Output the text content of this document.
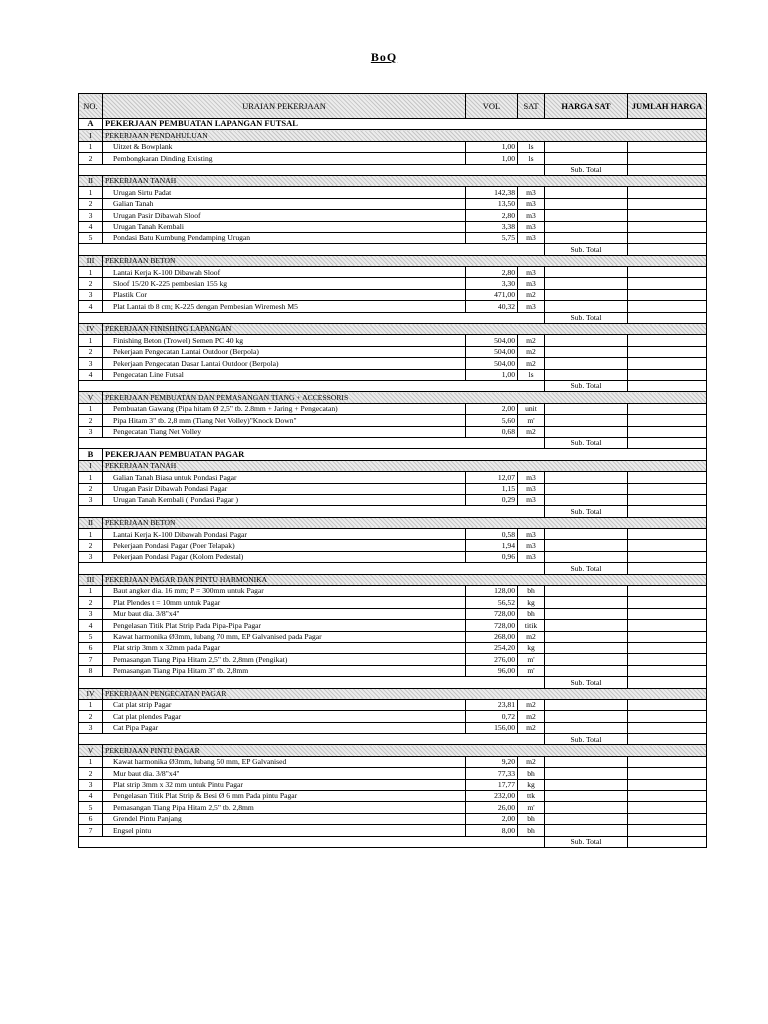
BoQ
NO.	URAIAN PEKERJAAN	VOL	SAT	HARGA SAT	JUMLAH HARGA
A	PEKERJAAN PEMBUATAN LAPANGAN FUTSAL				
I	PEKERJAAN PENDAHULUAN				
1	Uitzet & Bowplank	1,00	ls		
2	Pembongkaran Dinding Existing	1,00	ls		
				Sub. Total	
II	PEKERJAAN TANAH				
1	Urugan Sirtu Padat	142,38	m3		
2	Galian Tanah	13,50	m3		
3	Urugan Pasir Dibawah Sloof	2,80	m3		
4	Urugan Tanah Kembali	3,38	m3		
5	Pondasi Batu Kumbung Pendamping Urugan	5,75	m3		
				Sub. Total	
III	PEKERJAAN BETON				
1	Lantai Kerja K-100 Dibawah Sloof	2,80	m3		
2	Sloof 15/20 K-225 pembesian 155 kg	3,30	m3		
3	Plastik Cor	471,00	m2		
4	Plat Lantai tb 8 cm; K-225 dengan Pembesian Wiremesh M5	40,32	m3		
				Sub. Total	
IV	PEKERJAAN FINISHING LAPANGAN				
1	Finishing Beton (Trowel) Semen PC 40 kg	504,00	m2		
2	Pekerjaan Pengecatan Lantai Outdoor (Berpola)	504,00	m2		
3	Pekerjaan Pengecatan Dasar Lantai Outdoor (Berpola)	504,00	m2		
4	Pengecatan Line Futsal	1,00	ls		
				Sub. Total	
V	PEKERJAAN PEMBUATAN DAN PEMASANGAN TIANG + ACCESSORIS				
1	Pembuatan Gawang (Pipa hitam Ø 2,5" tb. 2.8mm + Jaring + Pengecatan)	2,00	unit		
2	Pipa Hitam 3" tb. 2,8 mm (Tiang Net Volley)"Knock Down"	5,60	m'		
3	Pengecatan Tiang Net Volley	0,68	m2		
				Sub. Total	
B	PEKERJAAN PEMBUATAN PAGAR				
I	PEKERJAAN TANAH				
1	Galian Tanah Biasa untuk Pondasi Pagar	12,07	m3		
2	Urugan Pasir Dibawah Pondasi Pagar	1,15	m3		
3	Urugan Tanah Kembali ( Pondasi Pagar )	0,29	m3		
				Sub. Total	
II	PEKERJAAN BETON				
1	Lantai Kerja K-100 Dibawah Pondasi Pagar	0,58	m3		
2	Pekerjaan Pondasi Pagar (Poer Telapak)	1,94	m3		
3	Pekerjaan Pondasi Pagar (Kolom Pedestal)	0,96	m3		
				Sub. Total	
III	PEKERJAAN PAGAR DAN PINTU HARMONIKA				
1	Baut angker dia. 16 mm; P = 300mm untuk Pagar	128,00	bh		
2	Plat Plendes t = 10mm untuk Pagar	56,52	kg		
3	Mur baut dia. 3/8"x4"	728,00	bh		
4	Pengelasan Titik Plat Strip Pada Pipa-Pipa Pagar	728,00	titik		
5	Kawat harmonika Ø3mm, lubang 70 mm, EP Galvanised pada Pagar	268,00	m2		
6	Plat strip 3mm x 32mm pada Pagar	254,20	kg		
7	Pemasangan Tiang Pipa Hitam 2,5" tb. 2,8mm (Pengikat)	276,00	m'		
8	Pemasangan Tiang Pipa Hitam 3" tb. 2,8mm	96,00	m'		
				Sub. Total	
IV	PEKERJAAN PENGECATAN PAGAR				
1	Cat plat strip Pagar	23,81	m2		
2	Cat plat plendes Pagar	0,72	m2		
3	Cat Pipa Pagar	156,00	m2		
				Sub. Total	
V	PEKERJAAN PINTU PAGAR				
1	Kawat harmonika Ø3mm, lubang 50 mm, EP Galvanised	9,20	m2		
2	Mur baut dia. 3/8"x4"	77,33	bh		
3	Plat strip 3mm x 32 mm untuk Pintu Pagar	17,77	kg		
4	Pengelasan Titik Plat Strip & Besi Ø 6 mm Pada pintu Pagar	232,00	ttk		
5	Pemasangan Tiang Pipa Hitam 2,5" tb. 2,8mm	26,00	m'		
6	Grendel Pintu Panjang	2,00	bh		
7	Engsel pintu	8,00	bh		
				Sub. Total	
